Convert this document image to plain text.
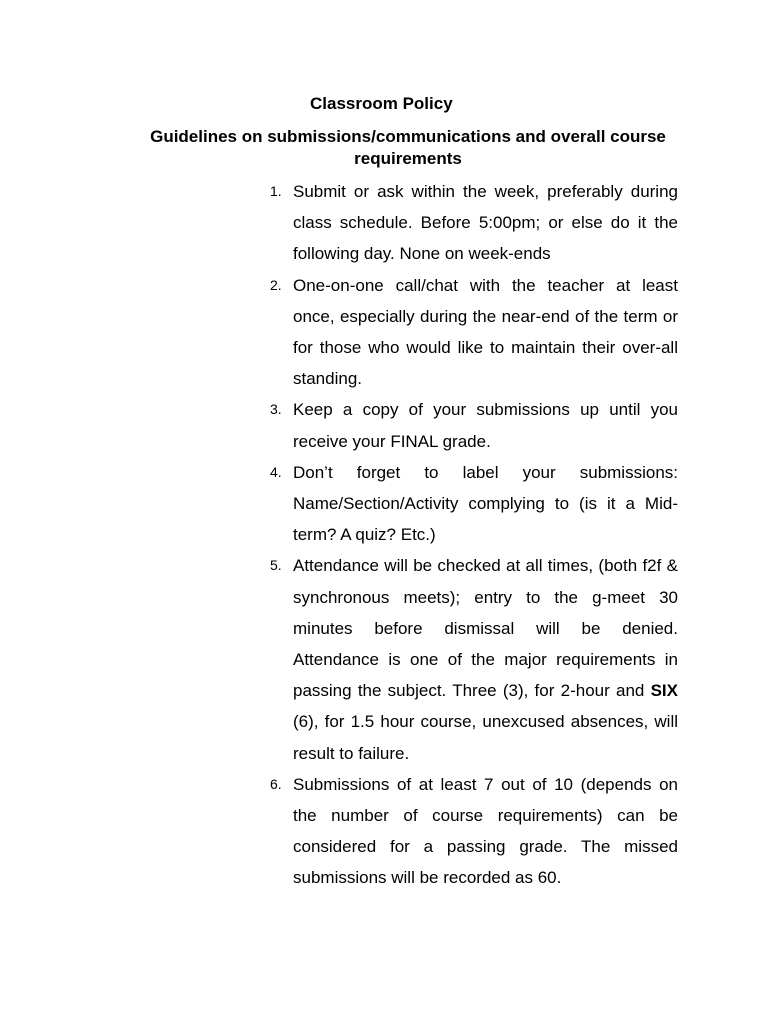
Classroom Policy
Guidelines on submissions/communications and overall course requirements
1. Submit or ask within the week, preferably during class schedule. Before 5:00pm; or else do it the following day. None on week-ends
2. One-on-one call/chat with the teacher at least once, especially during the near-end of the term or for those who would like to maintain their over-all standing.
3. Keep a copy of your submissions up until you receive your FINAL grade.
4. Don’t forget to label your submissions: Name/Section/Activity complying to (is it a Mid-term? A quiz? Etc.)
5. Attendance will be checked at all times, (both f2f & synchronous meets); entry to the g-meet 30 minutes before dismissal will be denied. Attendance is one of the major requirements in passing the subject. Three (3), for 2-hour and SIX (6), for 1.5 hour course, unexcused absences, will result to failure.
6. Submissions of at least 7 out of 10 (depends on the number of course requirements) can be considered for a passing grade. The missed submissions will be recorded as 60.
